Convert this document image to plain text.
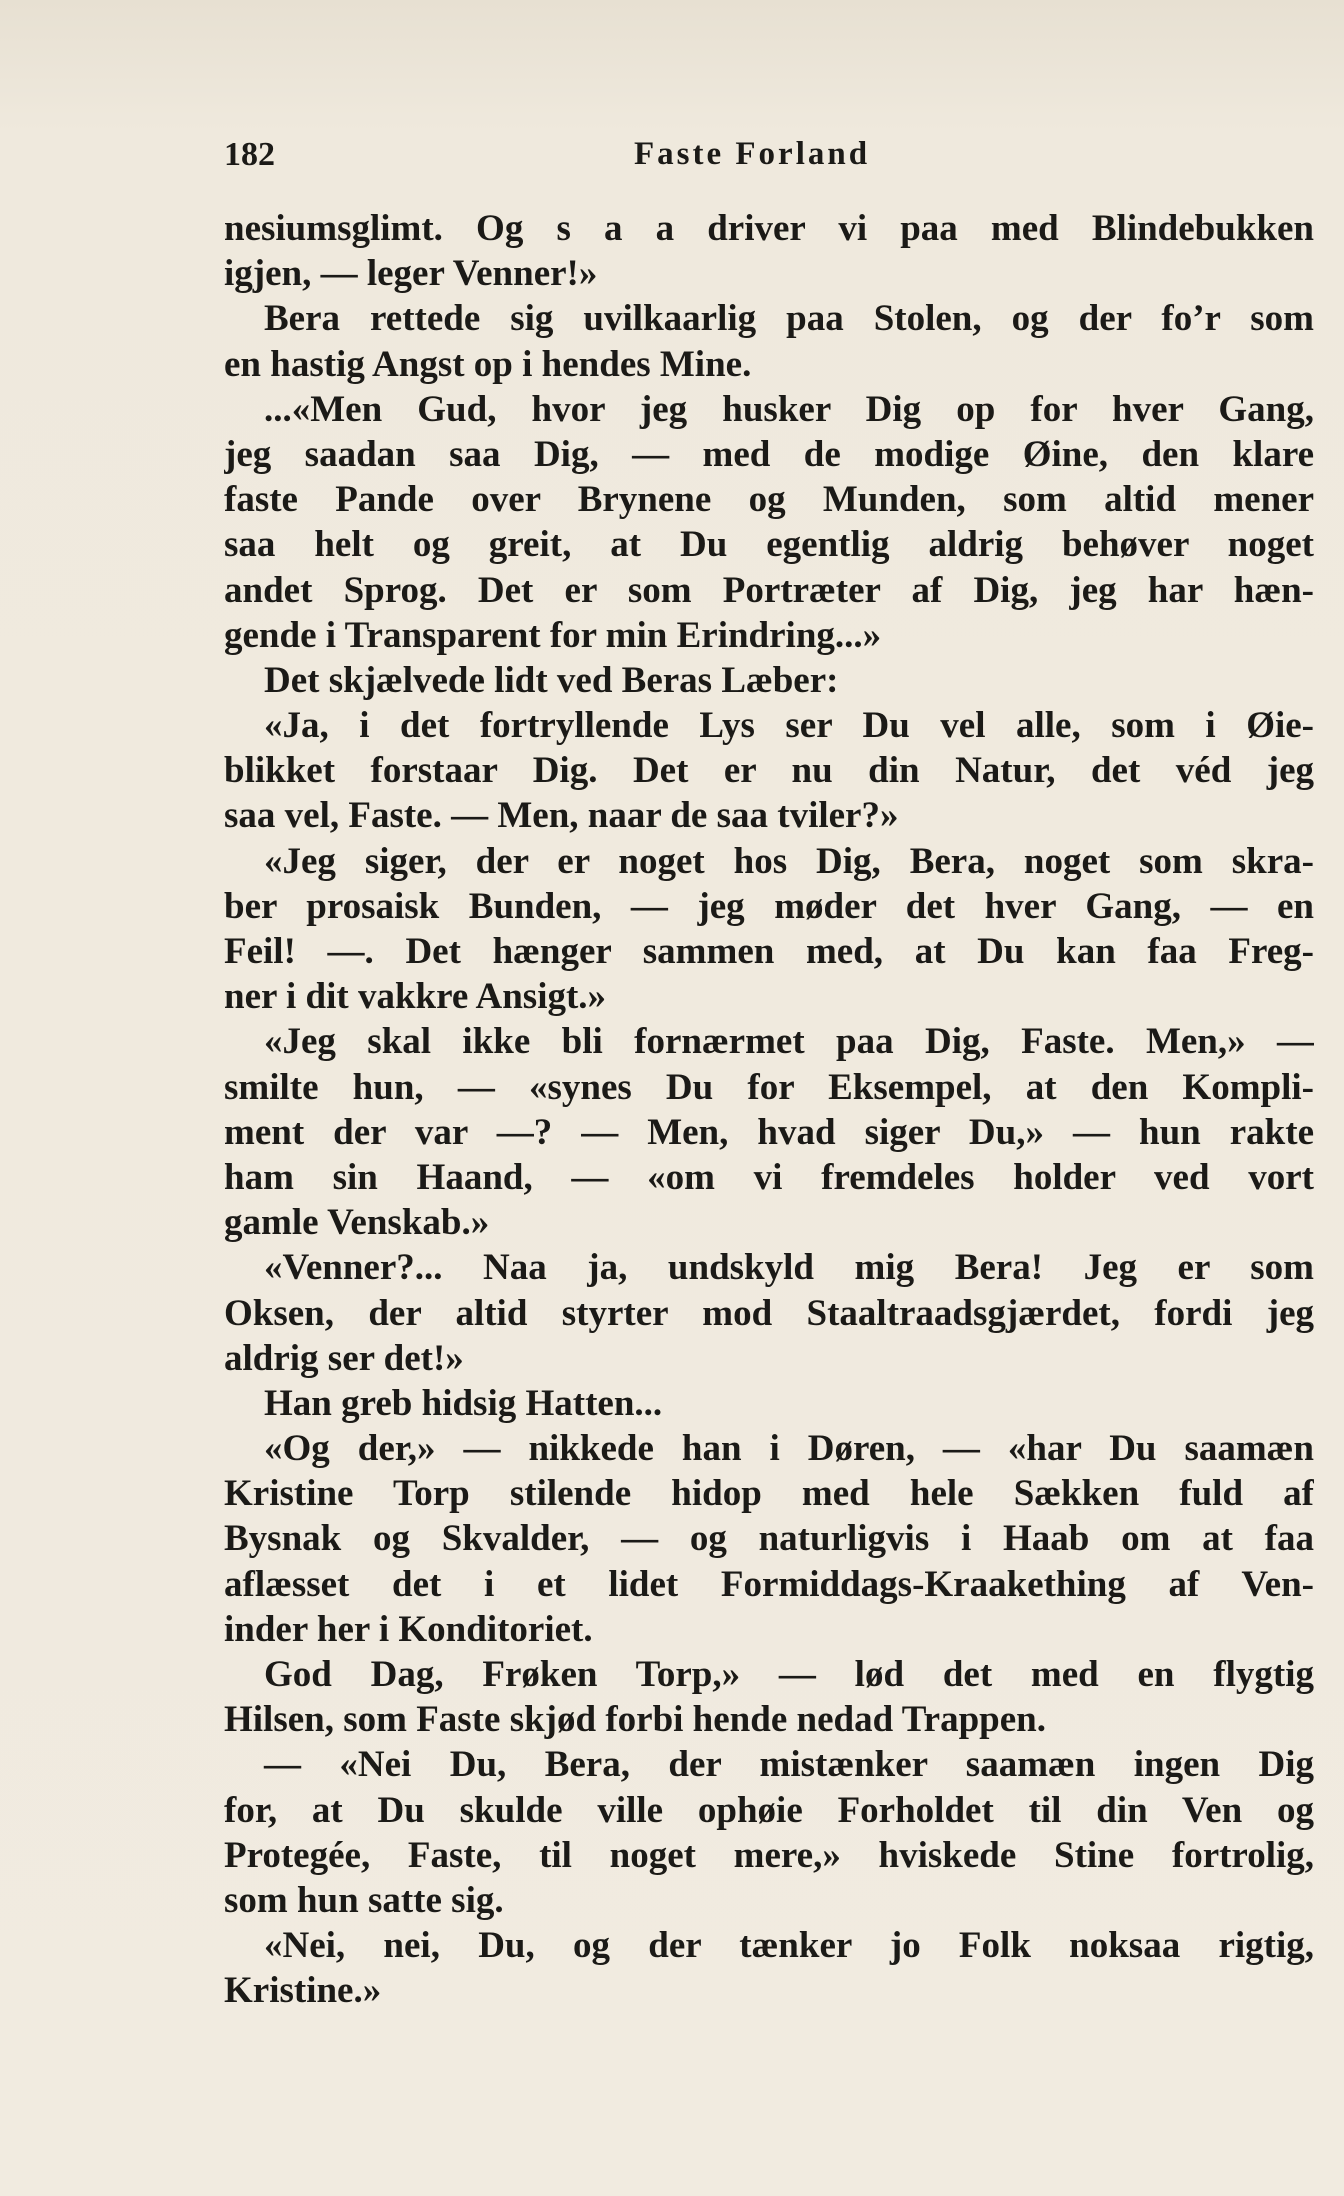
182	Faste Forland
nesiumsglimt. Og s a a driver vi paa med Blindebukken
igjen, — leger Venner!»
Bera rettede sig uvilkaarlig paa Stolen, og der fo’r som
en hastig Angst op i hendes Mine.
...«Men Gud, hvor jeg husker Dig op for hver Gang,
jeg saadan saa Dig, — med de modige Øine, den klare
faste Pande over Brynene og Munden, som altid mener
saa helt og greit, at Du egentlig aldrig behøver noget
andet Sprog. Det er som Portræter af Dig, jeg har hæn-
gende i Transparent for min Erindring...»
Det skjælvede lidt ved Beras Læber:
«Ja, i det fortryllende Lys ser Du vel alle, som i Øie-
blikket forstaar Dig. Det er nu din Natur, det véd jeg
saa vel, Faste. — Men, naar de saa tviler?»
«Jeg siger, der er noget hos Dig, Bera, noget som skra-
ber prosaisk Bunden, — jeg møder det hver Gang, — en
Feil! —. Det hænger sammen med, at Du kan faa Freg-
ner i dit vakkre Ansigt.»
«Jeg skal ikke bli fornærmet paa Dig, Faste. Men,» —
smilte hun, — «synes Du for Eksempel, at den Kompli-
ment der var —? — Men, hvad siger Du,» — hun rakte
ham sin Haand, — «om vi fremdeles holder ved vort
gamle Venskab.»
«Venner?... Naa ja, undskyld mig Bera! Jeg er som
Oksen, der altid styrter mod Staaltraadsgjærdet, fordi jeg
aldrig ser det!»
Han greb hidsig Hatten...
«Og der,» — nikkede han i Døren, — «har Du saamæn
Kristine Torp stilende hidop med hele Sækken fuld af
Bysnak og Skvalder, — og naturligvis i Haab om at faa
aflæsset det i et lidet Formiddags-Kraakething af Ven-
inder her i Konditoriet.
God Dag, Frøken Torp,» — lød det med en flygtig
Hilsen, som Faste skjød forbi hende nedad Trappen.
— «Nei Du, Bera, der mistænker saamæn ingen Dig
for, at Du skulde ville ophøie Forholdet til din Ven og
Protegée, Faste, til noget mere,» hviskede Stine fortrolig,
som hun satte sig.
«Nei, nei, Du, og der tænker jo Folk noksaa rigtig,
Kristine.»
